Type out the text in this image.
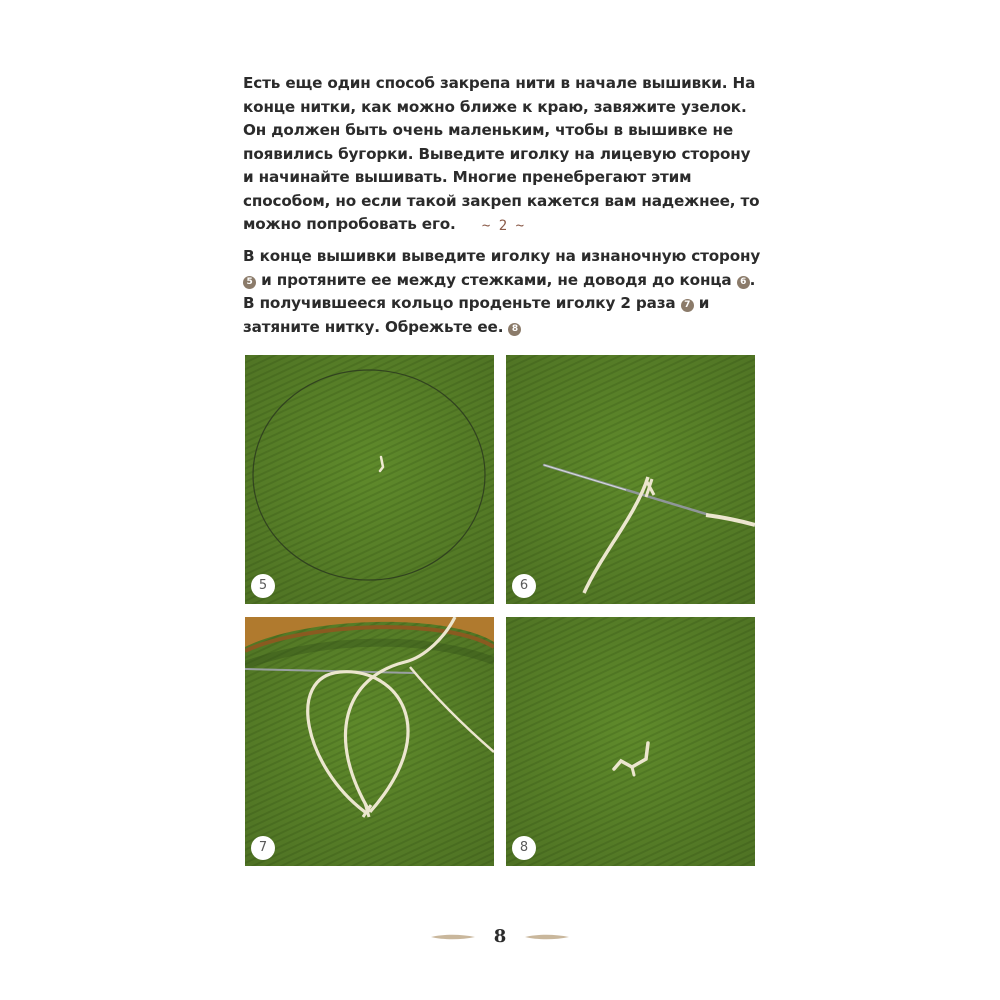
Есть еще один способ закрепа нити в начале вышивки. На конце нитки, как можно ближе к краю, завяжите узелок. Он должен быть очень маленьким, чтобы в вышивке не появились бугорки. Выведите иголку на лицевую сторону и начинайте вышивать. Многие пренебрегают этим способом, но если такой закреп кажется вам надежнее, то можно попробовать его.	~ 2 ~

В конце вышивки выведите иголку на изнаночную сторону 5 и протяните ее между стежками, не доводя до конца 6 . В получившееся кольцо проденьте иголку 2 раза 7 и затяните нитку. Обрежьте ее. 8

5	6
7	8
8
